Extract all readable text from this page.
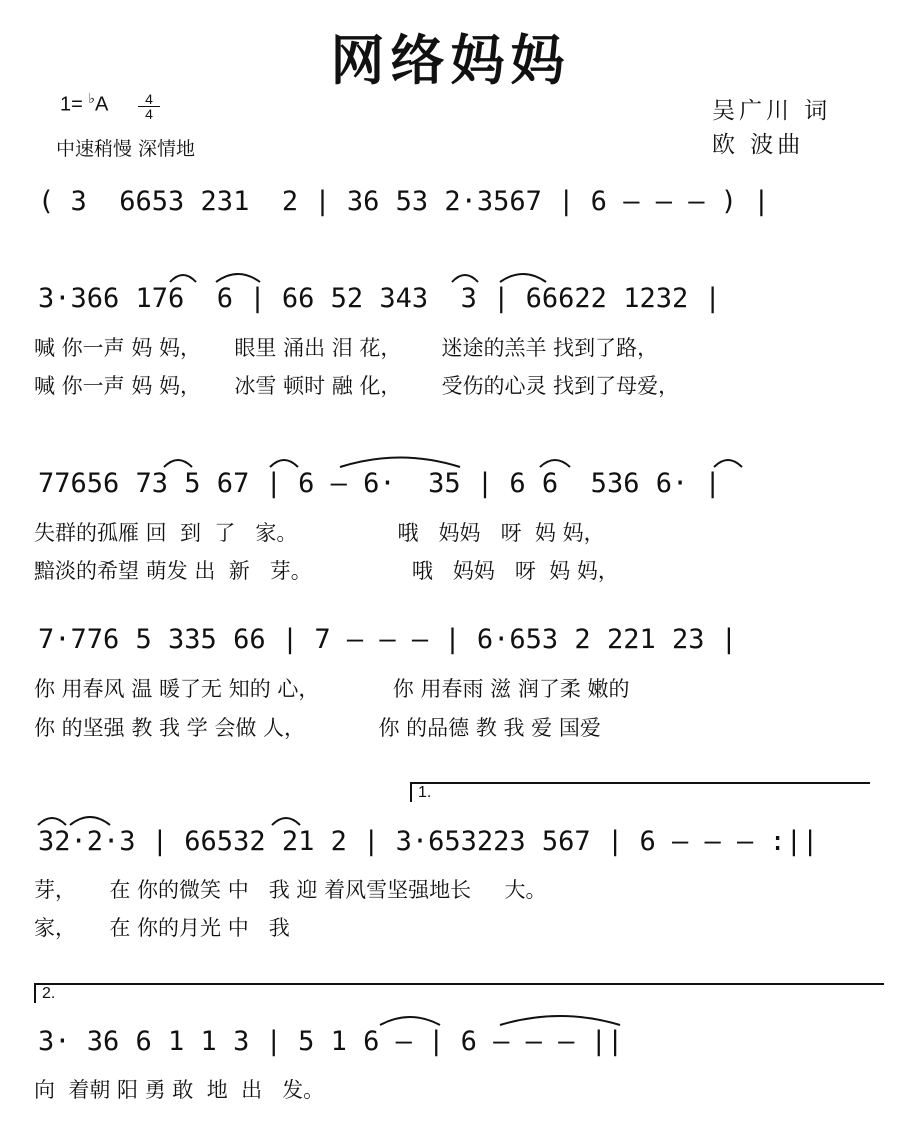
网络妈妈
1= ♭A	4
4
中速稍慢 深情地
吴广川 词
欧 波曲

( 3  6653 231  2 | 36 53 2·3567 | 6 – – – ) |

3·366 176  6 | 66 52 343  3 | 66622 1232 |

喊 你一声 妈 妈，     眼里 涌出 泪 花，      迷途的羔羊 找到了路，
喊 你一声 妈 妈，     冰雪 顿时 融 化，      受伤的心灵 找到了母爱，

77656 73 5 67 | 6 – 6·  35 | 6 6  536 6· |

失群的孤雁 回  到  了   家。               哦   妈妈   呀  妈 妈，
黯淡的希望 萌发 出  新   芽。               哦   妈妈   呀  妈 妈，

7·776 5 335 66 | 7 – – – | 6·653 2 221 23 |

你 用春风 温 暖了无 知的 心，           你 用春雨 滋 润了柔 嫩的
你 的坚强 教 我 学 会做 人，           你 的品德 教 我 爱 国爱
1.

32·2·3 | 66532 21 2 | 3·653223 567 | 6 – – – :||

芽，     在 你的微笑 中   我 迎 着风雪坚强地长     大。
家，     在 你的月光 中   我
2.

3· 36 6 1 1 3 | 5 1 6 – | 6 – – – ||

向  着朝 阳 勇 敢  地  出   发。
